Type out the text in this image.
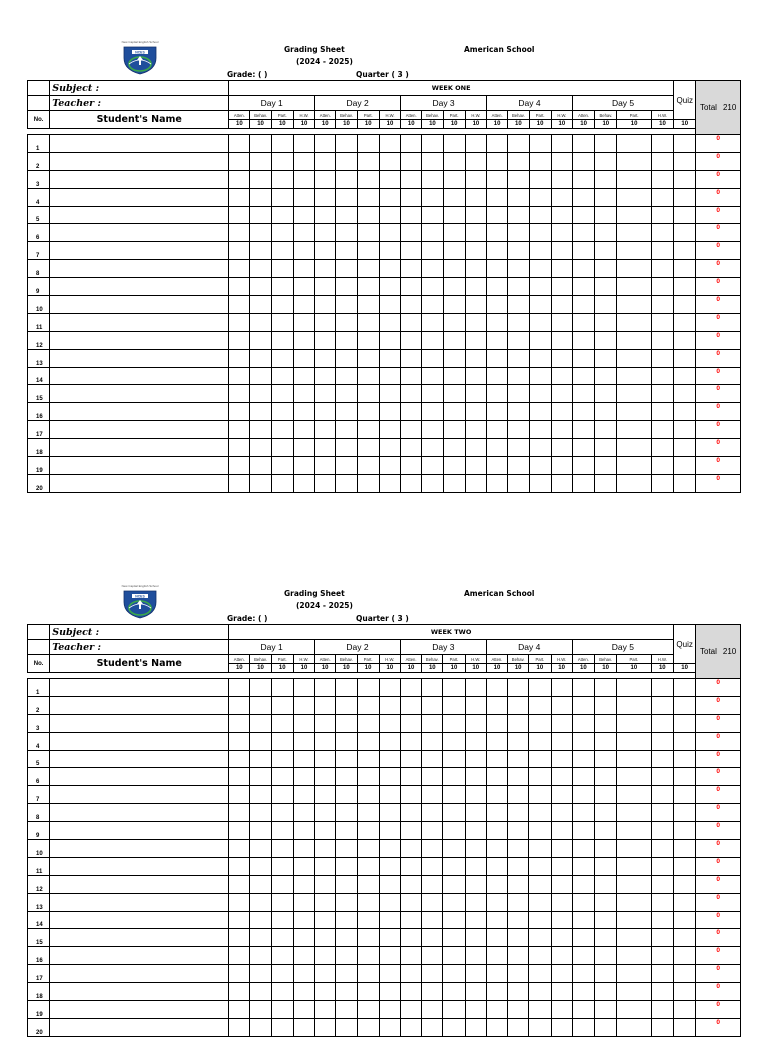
New Capital English School
NCES	Grading Sheet
(2024 - 2025)
American School
Grade: ( )	Quarter ( 3 )
	Subject :	WEEK ONE																				Quiz	Total 210
	Teacher :	Day 1				Day 2				Day 3				Day 4				Day 5					
No.	Student's Name	Atten.	Behav.	Part.	H.W.	Atten.	Behav.	Part.	H.W.	Atten.	Behav.	Part.	H.W.	Atten.	Behav.	Part.	H.W.	Atten.	Behav.	Part.	H.W.		
		10	10	10	10	10	10	10	10	10	10	10	10	10	10	10	10	10	10	10	10	10	

1																							0
2																							0
3																							0
4																							0
5																							0
6																							0
7																							0
8																							0
9																							0
10																							0
11																							0
12																							0
13																							0
14																							0
15																							0
16																							0
17																							0
18																							0
19																							0
20																							0
New Capital English School
NCES	Grading Sheet
(2024 - 2025)
American School
Grade: ( )	Quarter ( 3 )
	Subject :	WEEK TWO																				Quiz	Total 210
	Teacher :	Day 1				Day 2				Day 3				Day 4				Day 5					
No.	Student's Name	Atten.	Behav.	Part.	H.W.	Atten.	Behav.	Part.	H.W.	Atten.	Behav.	Part.	H.W.	Atten.	Behav.	Part.	H.W.	Atten.	Behav.	Part.	H.W.		
		10	10	10	10	10	10	10	10	10	10	10	10	10	10	10	10	10	10	10	10	10	

1																							0
2																							0
3																							0
4																							0
5																							0
6																							0
7																							0
8																							0
9																							0
10																							0
11																							0
12																							0
13																							0
14																							0
15																							0
16																							0
17																							0
18																							0
19																							0
20																							0
